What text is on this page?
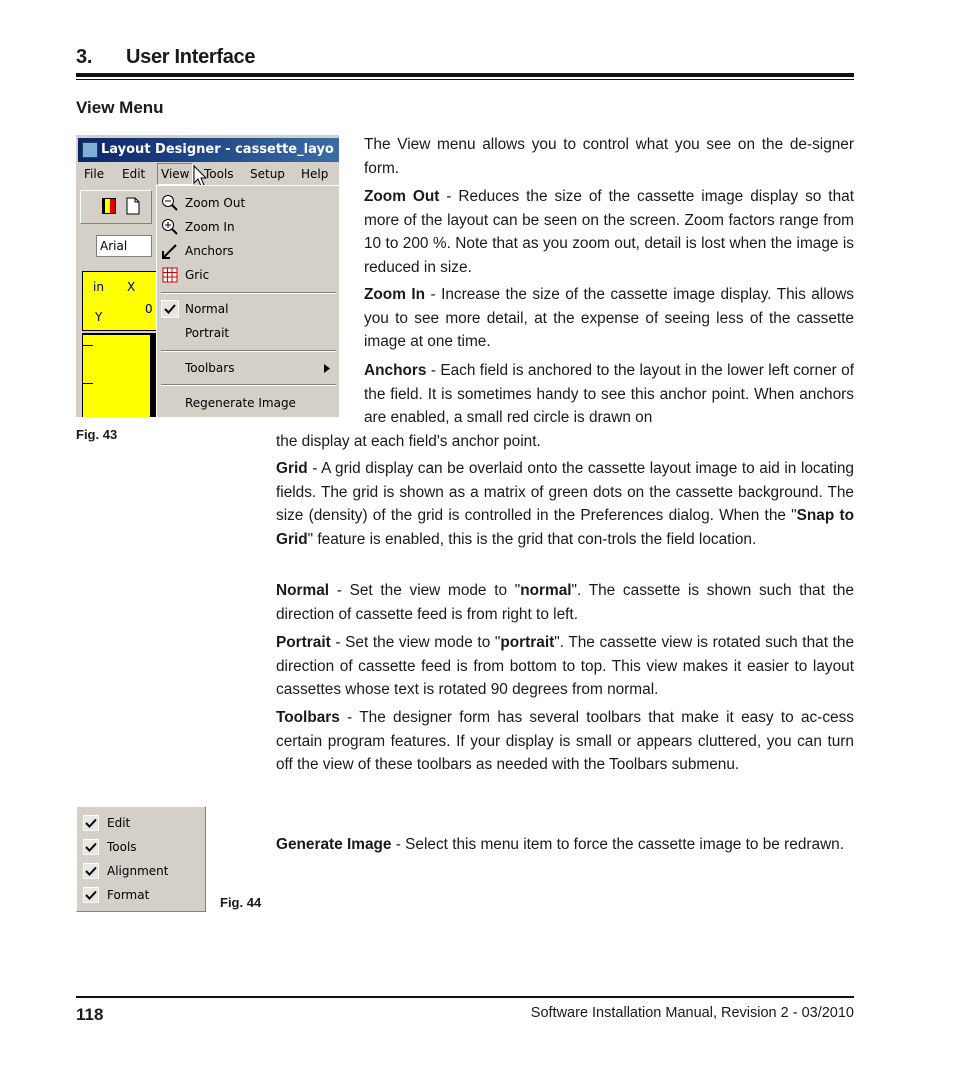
3. User Interface
View Menu
Layout Designer - cassette_layo
File Edit	View	Tools Setup Help
Arial
in X
0
Y
Zoom Out
Zoom In
Anchors
Gric
Normal
Portrait
Toolbars
Regenerate Image
Fig. 43

The View menu allows you to control what you see on the de-signer form.

Zoom Out - Reduces the size of the cassette image display so that more of the layout can be seen on the screen. Zoom factors range from 10 to 200 %. Note that as you zoom out, detail is lost when the image is reduced in size.

Zoom In - Increase the size of the cassette image display. This allows you to see more detail, at the expense of seeing less of the cassette image at one time.

Anchors - Each field is anchored to the layout in the lower left corner of the field. It is sometimes handy to see this anchor point. When anchors are enabled, a small red circle is drawn on

the display at each field's anchor point.

Grid - A grid display can be overlaid onto the cassette layout image to aid in locating fields. The grid is shown as a matrix of green dots on the cassette background. The size (density) of the grid is controlled in the Preferences dialog. When the "Snap to Grid" feature is enabled, this is the grid that con-trols the field location.

Normal - Set the view mode to "normal". The cassette is shown such that the direction of cassette feed is from right to left.

Portrait - Set the view mode to "portrait". The cassette view is rotated such that the direction of cassette feed is from bottom to top. This view makes it easier to layout cassettes whose text is rotated 90 degrees from normal.

Toolbars - The designer form has several toolbars that make it easy to ac-cess certain program features. If your display is small or appears cluttered, you can turn off the view of these toolbars as needed with the Toolbars submenu.

Generate Image - Select this menu item to force the cassette image to be redrawn.

Edit
Tools
Alignment
Format	Fig. 44
118	Software Installation Manual, Revision 2 - 03/2010
